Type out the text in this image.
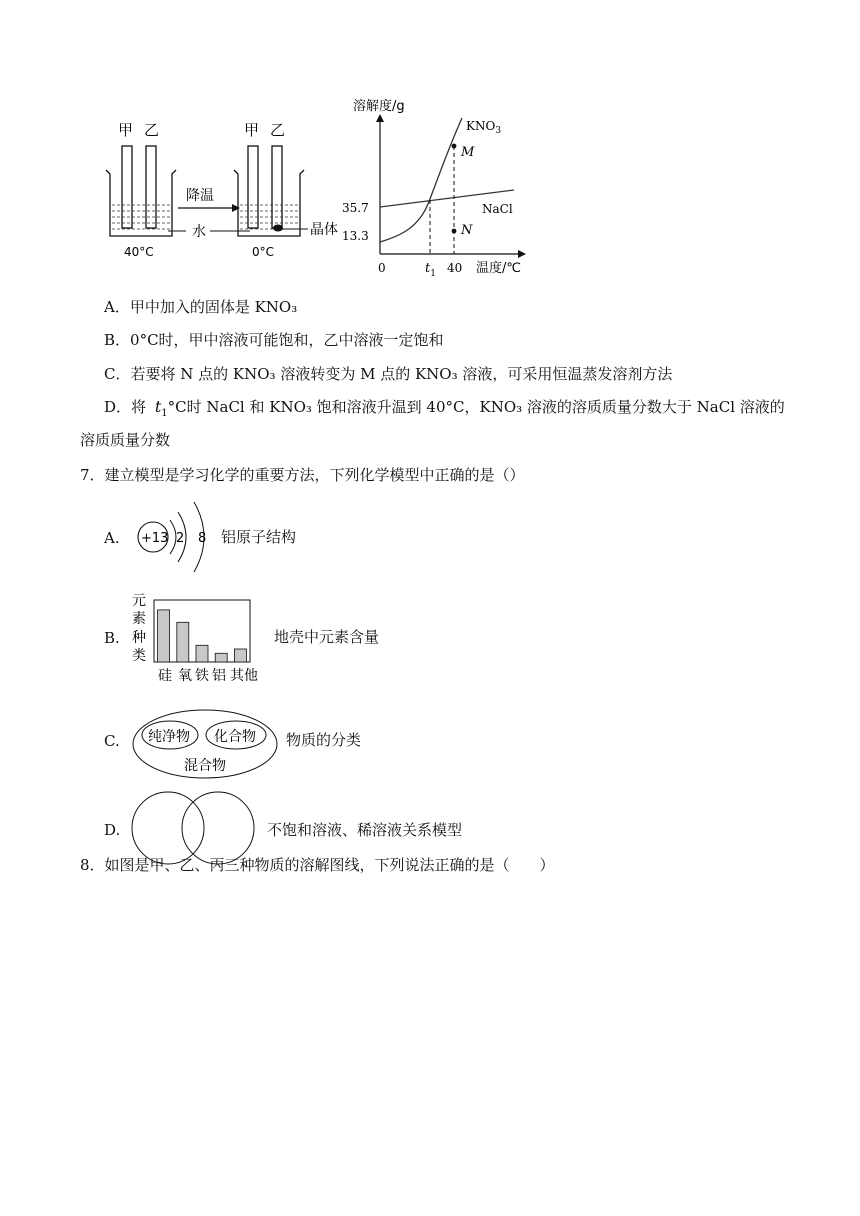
甲 乙
40°C
降温
水
甲 乙
晶体
0°C
溶解度/g
M
N
$KNO_3$
NaCl
35.7
13.3
0	$t_1$ 40 温度/℃
A．甲中加入的固体是 KNO₃
B．0°C时，甲中溶液可能饱和，乙中溶液一定饱和
C．若要将 N 点的 KNO₃ 溶液转变为 M 点的 KNO₃ 溶液，可采用恒温蒸发溶剂方法
D．将 $t_1^\circ C$时 NaCl 和 KNO₃ 饱和溶液升温到 40°C，KNO₃ 溶液的溶质质量分数大于 NaCl 溶液的
溶质质量分数
7．建立模型是学习化学的重要方法，下列化学模型中正确的是（）
A. +13 2 8 铝原子结构
B.
元
素
种
类
硅 氧 铁 铝 其他
地壳中元素含量
C. 纯净物 化合物
混合物
物质的分类
D.	不饱和溶液、稀溶液关系模型
8．如图是甲、乙、丙三种物质的溶解图线，下列说法正确的是（　　）
